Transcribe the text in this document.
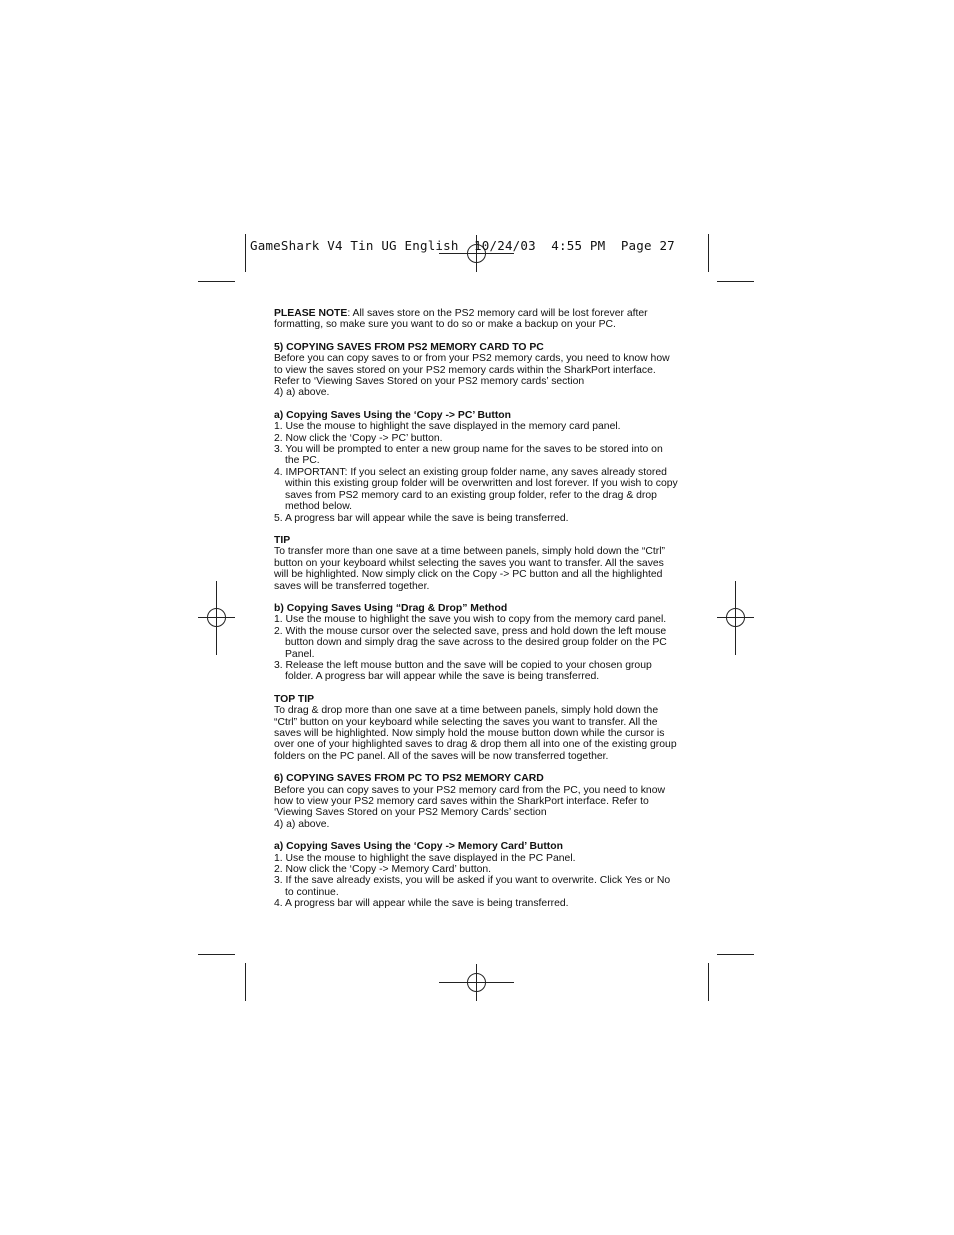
GameShark V4 Tin UG English  10/24/03  4:55 PM  Page 27

PLEASE NOTE: All saves store on the PS2 memory card will be lost forever after formatting, so make sure you want to do so or make a backup on your PC.

5) COPYING SAVES FROM PS2 MEMORY CARD TO PC

Before you can copy saves to or from your PS2 memory cards, you need to know how to view the saves stored on your PS2 memory cards within the SharkPort interface. Refer to ‘Viewing Saves Stored on your PS2 memory cards’ section

4) a) above.

a) Copying Saves Using the ‘Copy -> PC’ Button

1. Use the mouse to highlight the save displayed in the memory card panel.

2. Now click the ‘Copy -> PC’ button.

3. You will be prompted to enter a new group name for the saves to be stored into on the PC.

4. IMPORTANT: If you select an existing group folder name, any saves already stored within this existing group folder will be overwritten and lost forever. If you wish to copy saves from PS2 memory card to an existing group folder, refer to the drag & drop method below.

5. A progress bar will appear while the save is being transferred.

TIP

To transfer more than one save at a time between panels, simply hold down the “Ctrl” button on your keyboard whilst selecting the saves you want to transfer. All the saves will be highlighted. Now simply click on the Copy -> PC button and all the highlighted saves will be transferred together.

b) Copying Saves Using “Drag & Drop” Method

1. Use the mouse to highlight the save you wish to copy from the memory card panel.

2. With the mouse cursor over the selected save, press and hold down the left mouse button down and simply drag the save across to the desired group folder on the PC Panel.

3. Release the left mouse button and the save will be copied to your chosen group folder. A progress bar will appear while the save is being transferred.

TOP TIP

To drag & drop more than one save at a time between panels, simply hold down the “Ctrl” button on your keyboard while selecting the saves you want to transfer. All the saves will be highlighted. Now simply hold the mouse button down while the cursor is over one of your highlighted saves to drag & drop them all into one of the existing group folders on the PC panel. All of the saves will be now transferred together.

6) COPYING SAVES FROM PC TO PS2 MEMORY CARD

Before you can copy saves to your PS2 memory card from the PC, you need to know how to view your PS2 memory card saves within the SharkPort interface. Refer to ‘Viewing Saves Stored on your PS2 Memory Cards’ section

4) a) above.

a) Copying Saves Using the ‘Copy -> Memory Card’ Button

1. Use the mouse to highlight the save displayed in the PC Panel.

2. Now click the ‘Copy -> Memory Card’ button.

3. If the save already exists, you will be asked if you want to overwrite. Click Yes or No to continue.

4. A progress bar will appear while the save is being transferred.
